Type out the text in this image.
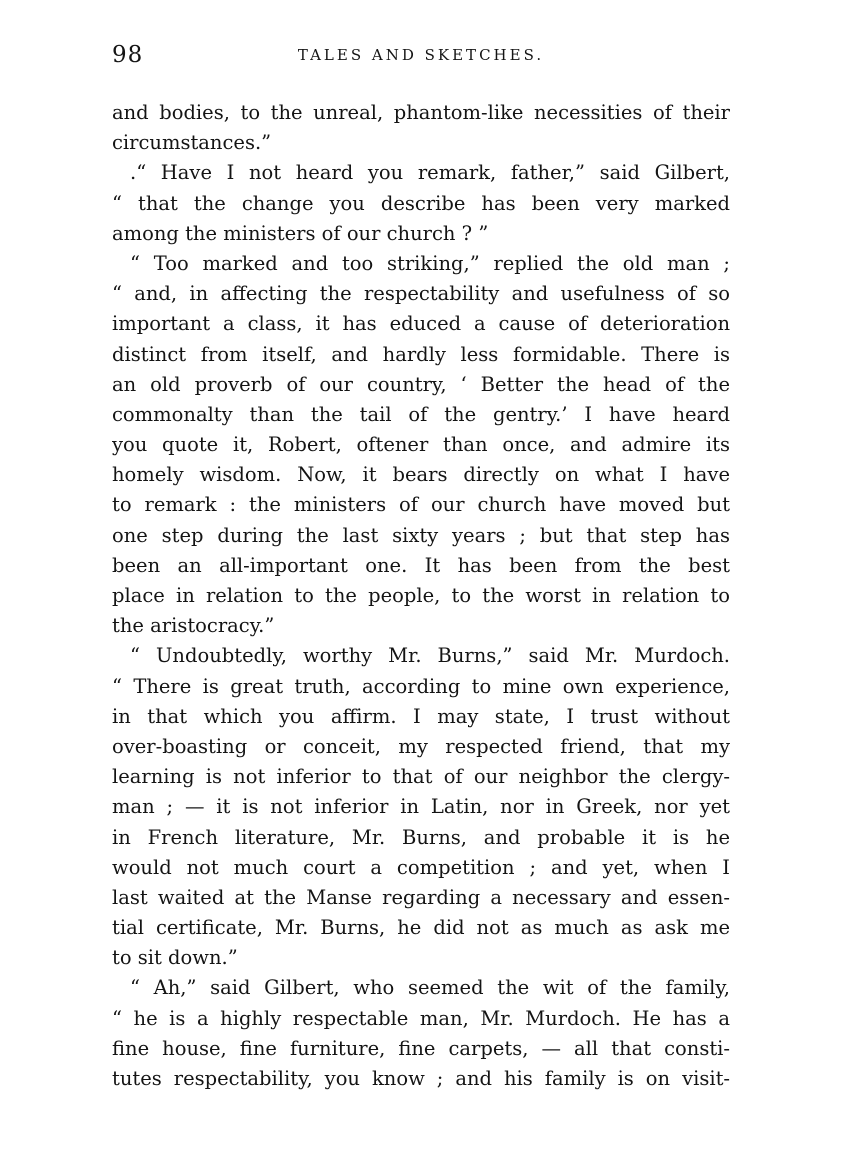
98	TALES AND SKETCHES.
and bodies, to the unreal, phantom-like necessities of their
circumstances.”
.“ Have I not heard you remark, father,” said Gilbert,
“ that the change you describe has been very marked
among the ministers of our church ? ”
“ Too marked and too striking,” replied the old man ;
“ and, in affecting the respectability and usefulness of so
important a class, it has educed a cause of deterioration
distinct from itself, and hardly less formidable. There is
an old proverb of our country, ‘ Better the head of the
commonalty than the tail of the gentry.’ I have heard
you quote it, Robert, oftener than once, and admire its
homely wisdom. Now, it bears directly on what I have
to remark : the ministers of our church have moved but
one step during the last sixty years ; but that step has
been an all-important one. It has been from the best
place in relation to the people, to the worst in relation to
the aristocracy.”
“ Undoubtedly, worthy Mr. Burns,” said Mr. Murdoch.
“ There is great truth, according to mine own experience,
in that which you affirm. I may state, I trust without
over-boasting or conceit, my respected friend, that my
learning is not inferior to that of our neighbor the clergy-
man ; — it is not inferior in Latin, nor in Greek, nor yet
in French literature, Mr. Burns, and probable it is he
would not much court a competition ; and yet, when I
last waited at the Manse regarding a necessary and essen-
tial certificate, Mr. Burns, he did not as much as ask me
to sit down.”
“ Ah,” said Gilbert, who seemed the wit of the family,
“ he is a highly respectable man, Mr. Murdoch. He has a
fine house, fine furniture, fine carpets, — all that consti-
tutes respectability, you know ; and his family is on visit-
